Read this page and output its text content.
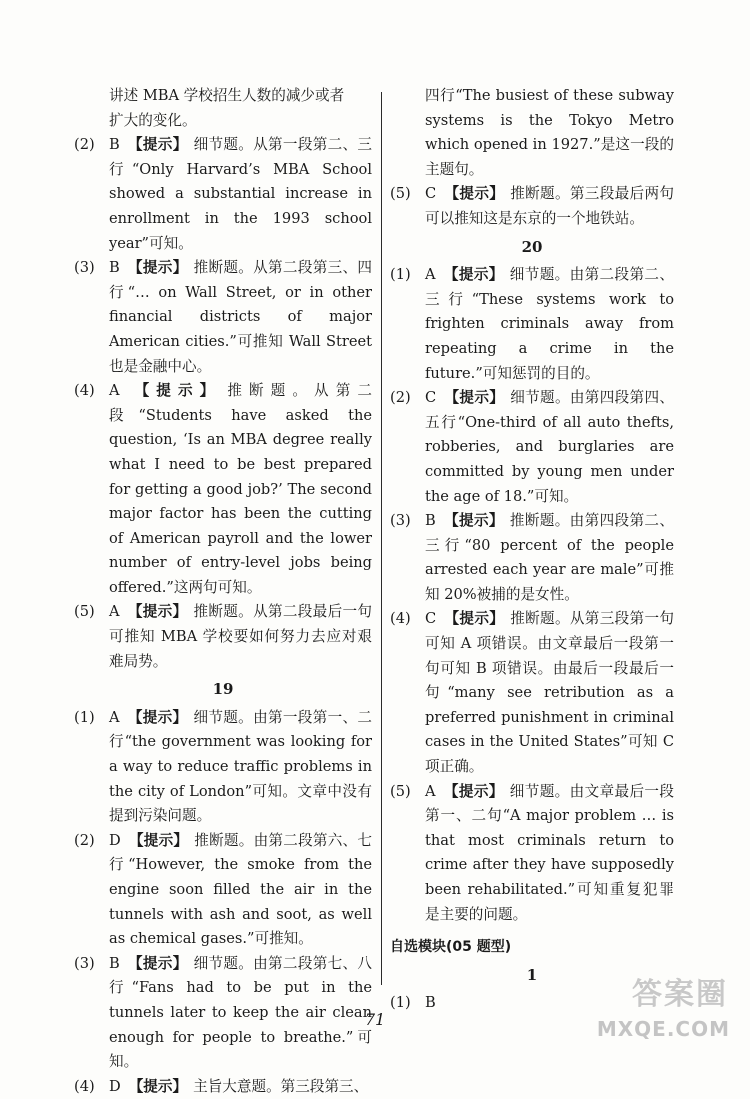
讲述 MBA 学校招生人数的减少或者
扩大的变化。
(2) B 【提示】 细节题。从第一段第二、三行“Only Harvard’s MBA School showed a substantial increase in enrollment in the 1993 school year”可知。
(3) B 【提示】 推断题。从第二段第三、四行“… on Wall Street, or in other financial districts of major American cities.”可推知 Wall Street 也是金融中心。
(4) A 【提示】 推断题。从第二段“Students have asked the question, ‘Is an MBA degree really what I need to be best prepared for getting a good job?’ The second major factor has been the cutting of American payroll and the lower number of entry-level jobs being offered.”这两句可知。
(5) A 【提示】 推断题。从第二段最后一句可推知 MBA 学校要如何努力去应对艰难局势。
19
(1) A 【提示】 细节题。由第一段第一、二行“the government was looking for a way to reduce traffic problems in the city of London”可知。文章中没有提到污染问题。
(2) D 【提示】 推断题。由第二段第六、七行“However, the smoke from the engine soon filled the air in the tunnels with ash and soot, as well as chemical gases.”可推知。
(3) B 【提示】 细节题。由第二段第七、八行“Fans had to be put in the tunnels later to keep the air clean enough for people to breathe.”可知。
(4) D 【提示】 主旨大意题。第三段第三、
四行“The busiest of these subway systems is the Tokyo Metro which opened in 1927.”是这一段的主题句。
(5) C 【提示】 推断题。第三段最后两句可以推知这是东京的一个地铁站。
20
(1) A 【提示】 细节题。由第二段第二、三行“These systems work to frighten criminals away from repeating a crime in the future.”可知惩罚的目的。
(2) C 【提示】 细节题。由第四段第四、五行“One-third of all auto thefts, robberies, and burglaries are committed by young men under the age of 18.”可知。
(3) B 【提示】 推断题。由第四段第二、三行“80 percent of the people arrested each year are male”可推知 20%被捕的是女性。
(4) C 【提示】 推断题。从第三段第一句可知 A 项错误。由文章最后一段第一句可知 B 项错误。由最后一段最后一句“many see retribution as a preferred punishment in criminal cases in the United States”可知 C 项正确。
(5) A 【提示】 细节题。由文章最后一段第一、二句“A major problem … is that most criminals return to crime after they have supposedly been rehabilitated.”可知重复犯罪是主要的问题。
自选模块(05 题型)
1
(1) B
71
答案圈
MXQE.COM
